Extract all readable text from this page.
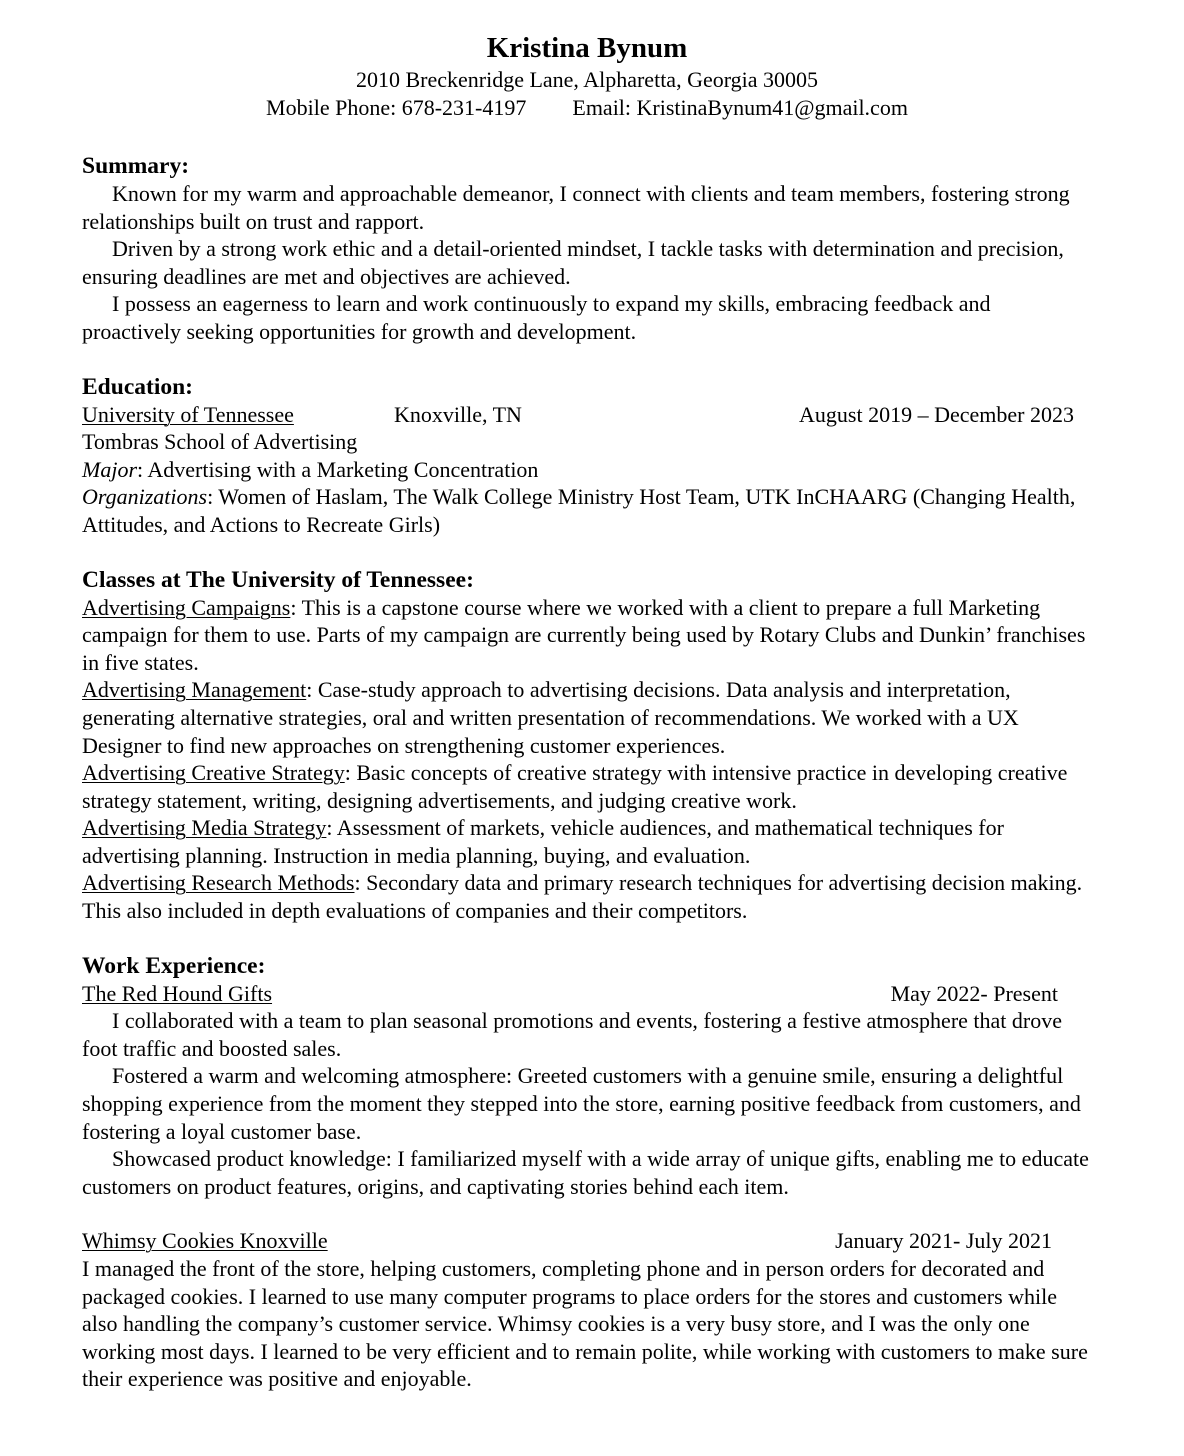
Kristina Bynum
2010 Breckenridge Lane, Alpharetta, Georgia 30005
Mobile Phone: 678-231-4197 Email: KristinaBynum41@gmail.com
Summary:
Known for my warm and approachable demeanor, I connect with clients and team members, fostering strong relationships built on trust and rapport.
Driven by a strong work ethic and a detail-oriented mindset, I tackle tasks with determination and precision, ensuring deadlines are met and objectives are achieved.
I possess an eagerness to learn and work continuously to expand my skills, embracing feedback and proactively seeking opportunities for growth and development.
Education:
University of Tennessee	Knoxville, TN	August 2019 – December 2023
Tombras School of Advertising
Major: Advertising with a Marketing Concentration
Organizations: Women of Haslam, The Walk College Ministry Host Team, UTK InCHAARG (Changing Health, Attitudes, and Actions to Recreate Girls)
Classes at The University of Tennessee:
Advertising Campaigns: This is a capstone course where we worked with a client to prepare a full Marketing campaign for them to use. Parts of my campaign are currently being used by Rotary Clubs and Dunkin’ franchises in five states.
Advertising Management: Case-study approach to advertising decisions. Data analysis and interpretation, generating alternative strategies, oral and written presentation of recommendations. We worked with a UX Designer to find new approaches on strengthening customer experiences.
Advertising Creative Strategy: Basic concepts of creative strategy with intensive practice in developing creative strategy statement, writing, designing advertisements, and judging creative work.
Advertising Media Strategy: Assessment of markets, vehicle audiences, and mathematical techniques for advertising planning. Instruction in media planning, buying, and evaluation.
Advertising Research Methods: Secondary data and primary research techniques for advertising decision making. This also included in depth evaluations of companies and their competitors.
Work Experience:
The Red Hound Gifts	May 2022- Present
I collaborated with a team to plan seasonal promotions and events, fostering a festive atmosphere that drove foot traffic and boosted sales.
Fostered a warm and welcoming atmosphere: Greeted customers with a genuine smile, ensuring a delightful shopping experience from the moment they stepped into the store, earning positive feedback from customers, and fostering a loyal customer base.
Showcased product knowledge: I familiarized myself with a wide array of unique gifts, enabling me to educate customers on product features, origins, and captivating stories behind each item.
Whimsy Cookies Knoxville	January 2021- July 2021
I managed the front of the store, helping customers, completing phone and in person orders for decorated and packaged cookies. I learned to use many computer programs to place orders for the stores and customers while also handling the company’s customer service. Whimsy cookies is a very busy store, and I was the only one working most days. I learned to be very efficient and to remain polite, while working with customers to make sure their experience was positive and enjoyable.
